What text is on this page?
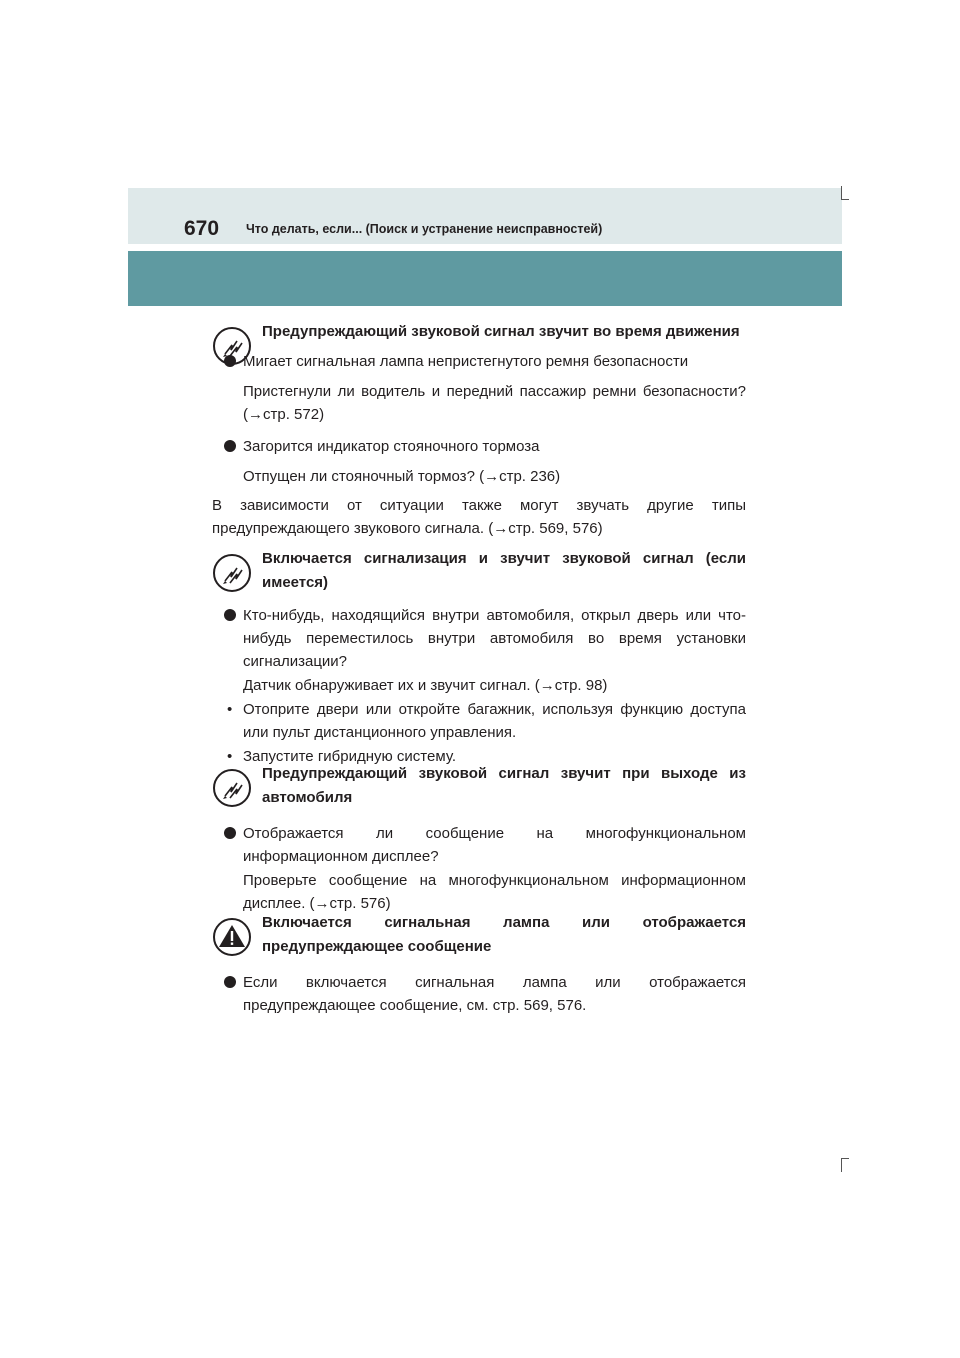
670 Что делать, если... (Поиск и устранение неисправностей)
Предупреждающий звуковой сигнал звучит во время движения
Мигает сигнальная лампа непристегнутого ремня безопасности
Пристегнули ли водитель и передний пассажир ремни безопасности? (→стр. 572)
Загорится индикатор стояночного тормоза
Отпущен ли стояночный тормоз? (→стр. 236)
В зависимости от ситуации также могут звучать другие типы предупреждающего звукового сигнала. (→стр. 569, 576)
Включается сигнализация и звучит звуковой сигнал (если имеется)
Кто-нибудь, находящийся внутри автомобиля, открыл дверь или что-нибудь переместилось внутри автомобиля во время установки сигнализации?
Датчик обнаруживает их и звучит сигнал. (→стр. 98)
• Отоприте двери или откройте багажник, используя функцию доступа или пульт дистанционного управления.
• Запустите гибридную систему.
Предупреждающий звуковой сигнал звучит при выходе из автомобиля
Отображается ли сообщение на многофункциональном информационном дисплее?
Проверьте сообщение на многофункциональном информационном дисплее. (→стр. 576)
Включается сигнальная лампа или отображается предупреждающее сообщение
Если включается сигнальная лампа или отображается предупреждающее сообщение, см. стр. 569, 576.
